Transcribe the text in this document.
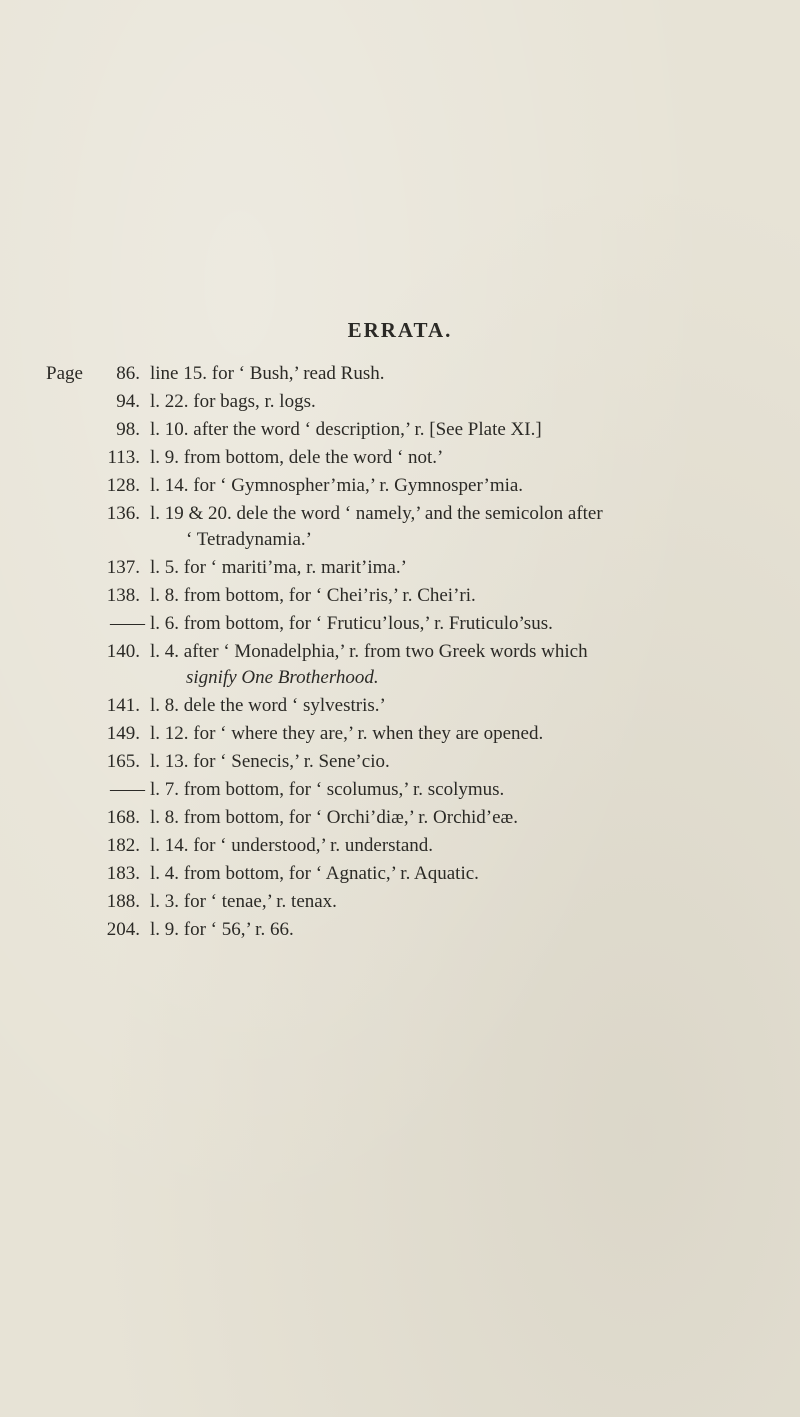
ERRATA.
Page	86. line 15. for ‘ Bush,’ read Rush.
94. l. 22. for bags, r. logs.
98. l. 10. after the word ‘ description,’ r. [See Plate XI.]
113. l. 9. from bottom, dele the word ‘ not.’
128. l. 14. for ‘ Gymnospher’mia,’ r. Gymnosper’mia.
136. l. 19 & 20. dele the word ‘ namely,’ and the semicolon after
‘ Tetradynamia.’
137. l. 5. for ‘ mariti’ma, r. marit’ima.’
138. l. 8. from bottom, for ‘ Chei’ris,’ r. Chei’ri.
—— l. 6. from bottom, for ‘ Fruticu’lous,’ r. Fruticulo’sus.
140. l. 4. after ‘ Monadelphia,’ r. from two Greek words which
signify One Brotherhood.
141. l. 8. dele the word ‘ sylvestris.’
149. l. 12. for ‘ where they are,’ r. when they are opened.
165. l. 13. for ‘ Senecis,’ r. Sene’cio.
—— l. 7. from bottom, for ‘ scolumus,’ r. scolymus.
168. l. 8. from bottom, for ‘ Orchi’diæ,’ r. Orchid’eæ.
182. l. 14. for ‘ understood,’ r. understand.
183. l. 4. from bottom, for ‘ Agnatic,’ r. Aquatic.
188. l. 3. for ‘ tenae,’ r. tenax.
204. l. 9. for ‘ 56,’ r. 66.
